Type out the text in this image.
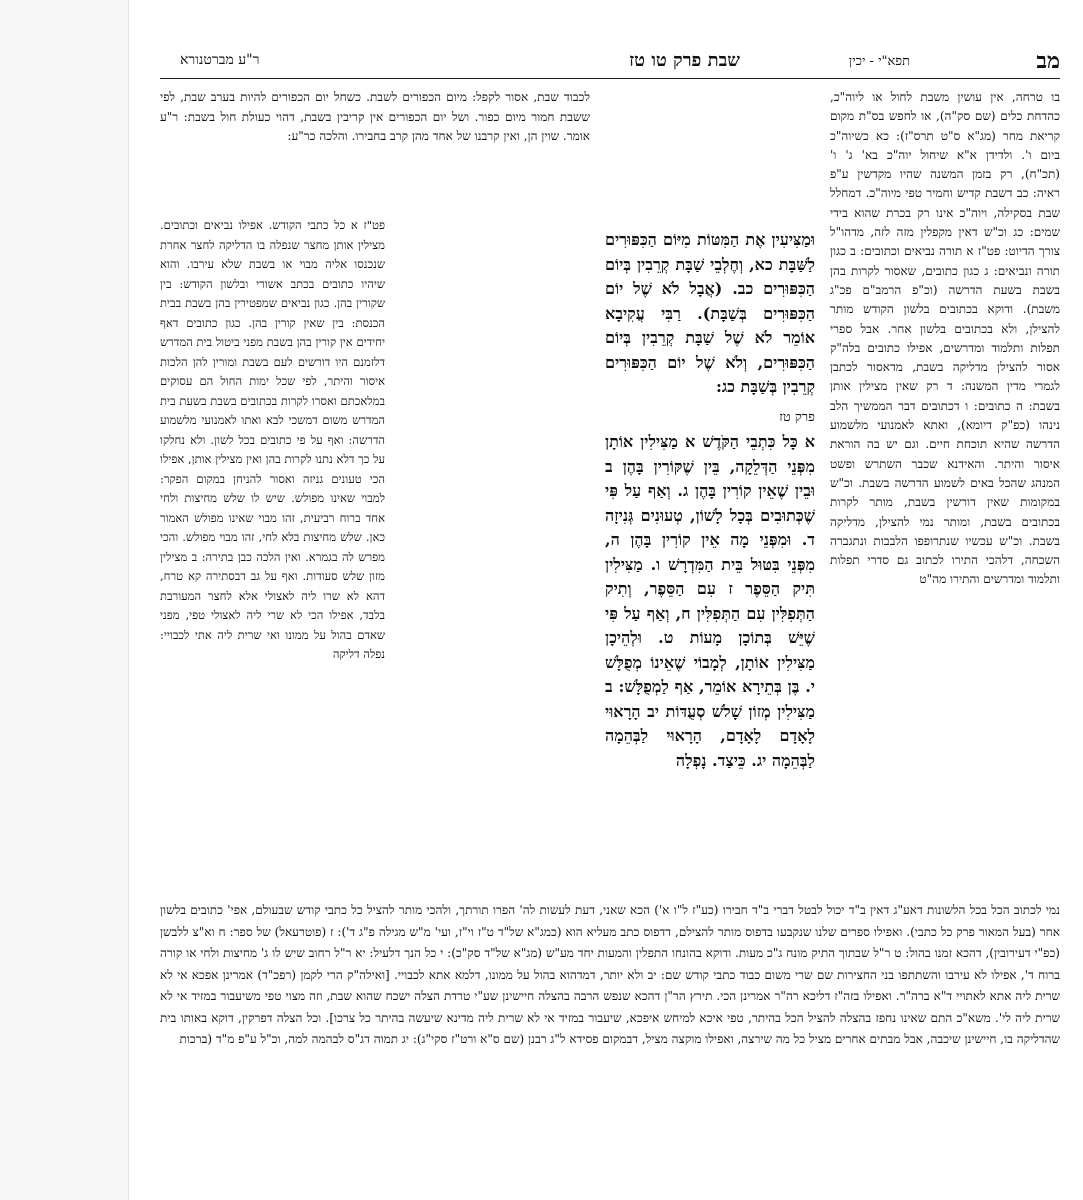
מב
תפא"י - יכין
שבת פרק טו טז
ר"ע מברטנורא

בו טרחה, אין עושין משבת לחול או ליוה"כ, כהדחת כלים (שם סק"ה), או לחפש בס"ת מקום קריאת מחר (מג"א ס"ט תרס"ז): כא כשיוה"כ ביום ו'. ולדידן א"א שיחול יוה"כ בא' ג' ו' (תכ"ח), רק בזמן המשנה שהיו מקדשין ע"פ ראיה: כב דשבת קדיש וחמיר טפי מיוה"כ. דמחלל שבת בסקילה, ויוה"כ אינו רק בכרת שהוא בידי שמים: כג וכ"ש דאין מקפלין מזה לזה, מדהו"ל צורך הדיוט: פט"ז א תורה נביאים וכתובים: ב כגון תורה ונביאים: ג כגון כתובים, שאסור לקרות בהן בשבת בשעת הדרשה (וכ"פ הרמב"ם פכ"ג משבת). ודוקא בכתובים בלשון הקודש מותר להצילן, ולא בכתובים בלשון אחר. אבל ספרי תפלות ותלמוד ומדרשים, אפילו כתובים בלה"ק אסור להצילן מדליקה בשבת, מדאסור לכתבן לגמרי מדין המשנה: ד רק שאין מצילין אותן בשבת: ה כתובים: ו דכתובים דבר הממשיך הלב נינהו (כפ"ק דיומא), ואתא לאמנועי מלשמוע הדרשה שהיא תוכחת חיים. וגם יש בה הוראת איסור והיתר. והאידנא שכבר השתרש ופשט המנהג שהכל באים לשמוע הדרשה בשבת. וכ"ש במקומות שאין דורשין בשבת, מותר לקרות בכתובים בשבת, ומותר נמי להצילן, מדליקה בשבת. וכ"ש עכשיו שנתרופפו הלבבות ונתגברה השכחה, דלהכי התירו לכתוב גם סדרי תפלות ותלמוד ומדרשים והתירו מה"ט

וּמַצִּיעִין אֶת הַמִּטּוֹת מִיּוֹם הַכִּפּוּרִים לַשַּׁבָּת כא, וְחֶלְבֵי שַׁבָּת קְרֵבִין בְּיוֹם הַכִּפּוּרִים כב. (אֲבָל לֹא שֶׁל יוֹם הַכִּפּוּרִים בְּשַׁבָּת). רַבִּי עֲקִיבָא אוֹמֵר לֹא שֶׁל שַׁבָּת קְרֵבִין בְּיוֹם הַכִּפּוּרִים, וְלֹא שֶׁל יוֹם הַכִּפּוּרִים קְרֵבִין בְּשַׁבָּת כג:

פרק טז

א כָּל כִּתְבֵי הַקֹּדֶשׁ א מַצִּילִין אוֹתָן מִפְּנֵי הַדְּלֵקָה, בֵּין שֶׁקּוֹרִין בָּהֶן ב וּבֵין שֶׁאֵין קוֹרִין בָּהֶן ג. וְאַף עַל פִּי שֶׁכְּתוּבִים בְּכָל לָשׁוֹן, טְעוּנִים גְּנִיזָה ד. וּמִפְּנֵי מָה אֵין קוֹרִין בָּהֶן ה, מִפְּנֵי בִּטּוּל בֵּית הַמִּדְרָשׁ ו. מַצִּילִין תִּיק הַסֵּפֶר ז עִם הַסֵּפֶר, וְתִיק הַתְּפִלִּין עִם הַתְּפִלִּין ח, וְאַף עַל פִּי שֶׁיֵּשׁ בְּתוֹכָן מָעוֹת ט. וּלְהֵיכָן מַצִּילִין אוֹתָן, לְמָבוֹי שֶׁאֵינוֹ מְפֻלָּשׁ י. בֶּן בְּתֵירָא אוֹמֵר, אַף לַמְפֻלָּשׁ: ב מַצִּילִין מְזוֹן שָׁלֹשׁ סְעֻדּוֹת יב הָרָאוּי לָאָדָם לָאָדָם, הָרָאוּי לַבְּהֵמָה לַבְּהֵמָה יג. כֵּיצַד. נָפְלָה

לכבוד שבת, אסור לקפל: מיום הכפורים לשבת. כשחל יום הכפורים להיות בערב שבת, לפי ששבת חמור מיום כפור. ושל יום הכפורים אין קריבין בשבת, דהוי כעולת חול בשבת: ר"ע אומר. שוין הן, ואין קרבנו של אחד מהן קרב בחבירו. והלכה כר"ע:

פט"ז א כל כתבי הקודש. אפילו נביאים וכתובים. מצילין אותן מחצר שנפלה בו הדליקה לחצר אחרת שנכנסו אליה מבוי או בשבת שלא עירבו. והוא שיהיו כתובים בכתב אשורי ובלשון הקודש: בין שקורין בהן. כגון נביאים שמפטירין בהן בשבת בבית הכנסת: בין שאין קורין בהן. כגון כתובים דאף יחידים אין קורין בהן בשבת מפני ביטול בית המדרש דלזמנם היו דורשים לעם בשבת ומורין להן הלכות איסור והיתר, לפי שכל ימות החול הם עסוקים במלאכתם ואסרו לקרות בכתובים בשבת בשעת בית המדרש משום דמשכי לבא ואתו לאמנועי מלשמוע הדרשה: ואף על פי כתובים בכל לשון. ולא נחלקו על כך דלא נתנו לקרות בהן ואין מצילין אותן, אפילו הכי טעונים גניזה ואסור להניחן במקום הפקר: למבוי שאינו מפולש. שיש לו שלש מחיצות ולחי אחד ברוח רביעית, זהו מבוי שאינו מפולש האמור כאן. שלש מחיצות בלא לחי, זהו מבוי מפולש. והכי מפרש לה בגמרא. ואין הלכה כבן בתירה: ב מצילין מזון שלש סעודות. ואף על גב דבסתירה קא טרח, דהא לא שרו ליה לאצולי אלא לחצר המעורבת בלבד, אפילו הכי לא שרי ליה לאצולי טפי, מפני שאדם בהול על ממונו ואי שרית ליה אתי לכבויי: נפלה דליקה

נמי לכתוב הכל בכל הלשונות דאע"ג דאין ב"ד יכול לבטל דברי ב"ד חבירו (כע"ז ל"ו א') הכא שאני, דעת לעשות לה' הפרו תורתך, ולהכי מותר להציל כל כתבי קודש שבעולם, אפי' כתובים בלשון אחר (בעל המאור פרק כל כתבי). ואפילו ספרים שלנו שנקבעו בדפוס מותר להצילם, דדפוס כתב מעליא הוא (כמג"א של"ד ט"ז וי"ז, ועי' מ"ש מגילה פ"ג ד'): ז (פוטרעאל) של ספר: ח וא"צ ללבשן (כפ"י דעירובין), דהכא זמנו בהול: ט ר"ל שבתוך התיק מונח ג"כ מעות. ודוקא בהונחו התפלין והמעות יחד מע"ש (מג"א של"ד סק"כ): י כל הנך דלעיל: יא ר"ל רחוב שיש לו ג' מחיצות ולחי או קורה ברוח ד', אפילו לא עירבו והשתתפו בני החצירות שם שרי משום כבוד כתבי קודש שם: יב ולא יותר, דמדהוא בהול על ממונו, דלמא אתא לכבויי. [ואילה"ק הרי לקמן (רפכ"ד) אמרינן אפכא אי לא שרית ליה אתא לאתויי ד"א ברה"ר. ואפילו בזה"ז דליכא רה"ר אמרינן הכי. תירץ הר"ן דהכא שנפש הרבה בהצלה חיישינן שע"י טרדת הצלה ישכח שהוא שבת, וזה מצוי טפי משיעבור במזיד אי לא שרית ליה לי'. משא"כ התם שאינו נחפז בהצלה להציל הכל בהיתר, טפי איכא למיחש איפכא, שיעבור במזיד אי לא שרית ליה מדינא שיעשה בהיתר כל צרכו]. וכל הצלה דפרקין, דוקא באותו בית שהדליקה בו, חיישינן שיכבה, אבל מבתים אחרים מציל כל מה שירצה, ואפילו מוקצה מציל, דבמקום פסידא ל"ג רבנן (שם ס"א ורט"ז סקי"ג): יג תמוה דג"ס לבהמה למה, וכ"ל ע"פ מ"ד (ברכות
